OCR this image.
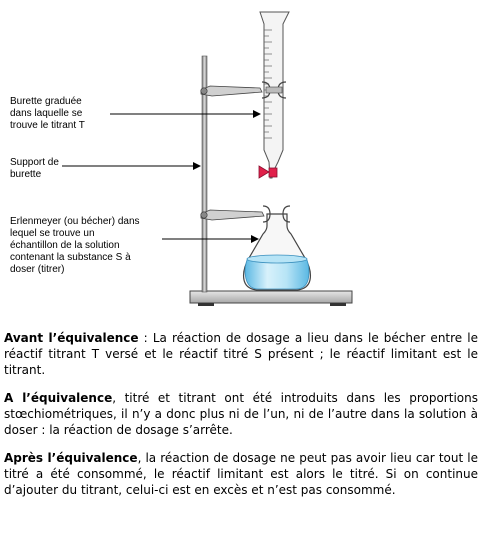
Burette graduée
dans laquelle se
trouve le titrant T
Support de
burette
Erlenmeyer (ou bécher) dans
lequel se trouve un
échantillon de la solution
contenant la substance S à
doser (titrer)

Avant l’équivalence : La réaction de dosage a lieu dans le bécher entre le réactif titrant T versé et le réactif titré S présent ; le réactif limitant est le titrant.

A l’équivalence, titré et titrant ont été introduits dans les proportions stœchiométriques, il n’y a donc plus ni de l’un, ni de l’autre dans la solution à doser : la réaction de dosage s’arrête.

Après l’équivalence, la réaction de dosage ne peut pas avoir lieu car tout le titré a été consommé, le réactif limitant est alors le titré. Si on continue d’ajouter du titrant, celui-ci est en excès et n’est pas consommé.
